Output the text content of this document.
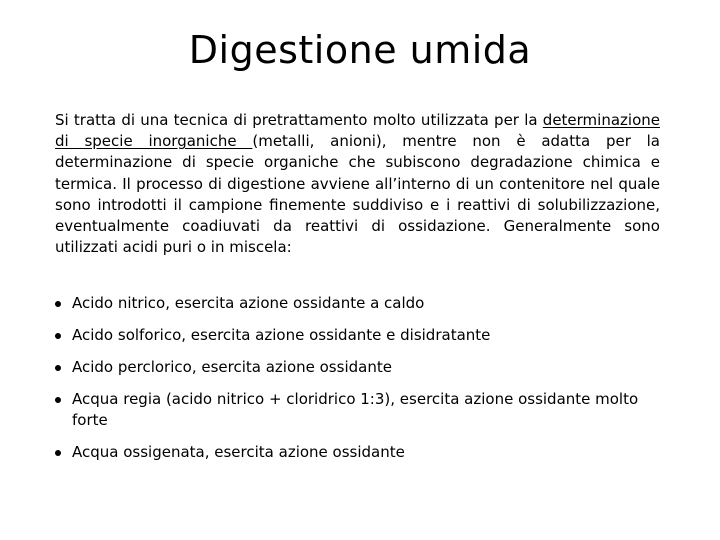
Digestione umida

Si tratta di una tecnica di pretrattamento molto utilizzata per la determinazione di specie inorganiche (metalli, anioni), mentre non è adatta per la determinazione di specie organiche che subiscono degradazione chimica e termica. Il processo di digestione avviene all’interno di un contenitore nel quale sono introdotti il campione finemente suddiviso e i reattivi di solubilizzazione, eventualmente coadiuvati da reattivi di ossidazione. Generalmente sono utilizzati acidi puri o in miscela:

Acido nitrico, esercita azione ossidante a caldo
Acido solforico, esercita azione ossidante e disidratante
Acido perclorico, esercita azione ossidante
Acqua regia (acido nitrico + cloridrico 1:3), esercita azione ossidante molto forte
Acqua ossigenata, esercita azione ossidante
